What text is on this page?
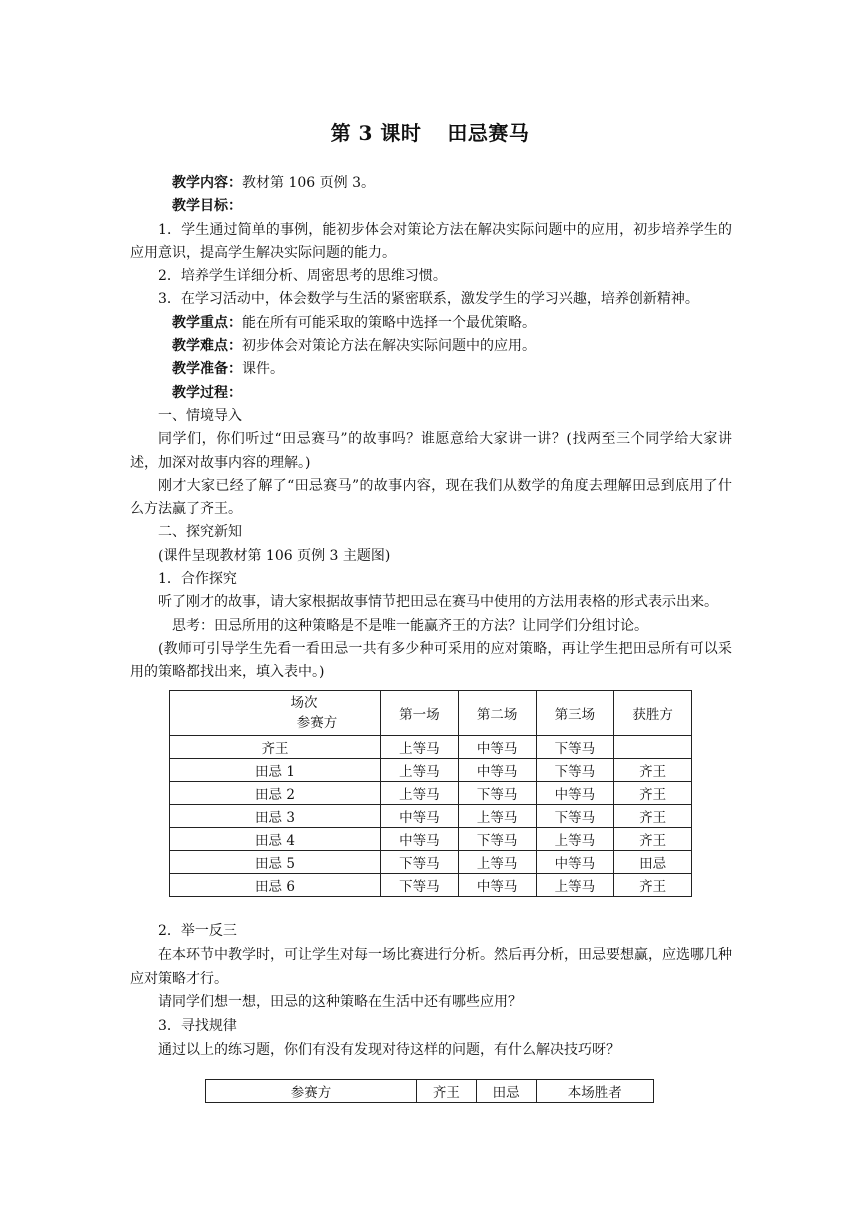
第 3 课时 田忌赛马

教学内容：教材第 106 页例 3。

教学目标：

1．学生通过简单的事例，能初步体会对策论方法在解决实际问题中的应用，初步培养学生的应用意识，提高学生解决实际问题的能力。

2．培养学生详细分析、周密思考的思维习惯。

3．在学习活动中，体会数学与生活的紧密联系，激发学生的学习兴趣，培养创新精神。

教学重点：能在所有可能采取的策略中选择一个最优策略。

教学难点：初步体会对策论方法在解决实际问题中的应用。

教学准备：课件。

教学过程：

一、情境导入

同学们，你们听过“田忌赛马”的故事吗？谁愿意给大家讲一讲？(找两至三个同学给大家讲述，加深对故事内容的理解。)

刚才大家已经了解了“田忌赛马”的故事内容，现在我们从数学的角度去理解田忌到底用了什么方法赢了齐王。

二、探究新知

(课件呈现教材第 106 页例 3 主题图)

1．合作探究

听了刚才的故事，请大家根据故事情节把田忌在赛马中使用的方法用表格的形式表示出来。

思考：田忌所用的这种策略是不是唯一能赢齐王的方法？让同学们分组讨论。

(教师可引导学生先看一看田忌一共有多少种可采用的应对策略，再让学生把田忌所有可以采用的策略都找出来，填入表中。)

场次
参赛方	第一场	第二场	第三场	获胜方
齐王	上等马	中等马	下等马	
田忌 1	上等马	中等马	下等马	齐王
田忌 2	上等马	下等马	中等马	齐王
田忌 3	中等马	上等马	下等马	齐王
田忌 4	中等马	下等马	上等马	齐王
田忌 5	下等马	上等马	中等马	田忌
田忌 6	下等马	中等马	上等马	齐王

2．举一反三

在本环节中教学时，可让学生对每一场比赛进行分析。然后再分析，田忌要想赢，应选哪几种应对策略才行。

请同学们想一想，田忌的这种策略在生活中还有哪些应用？

3．寻找规律

通过以上的练习题，你们有没有发现对待这样的问题，有什么解决技巧呀？

参赛方	齐王	田忌	本场胜者
